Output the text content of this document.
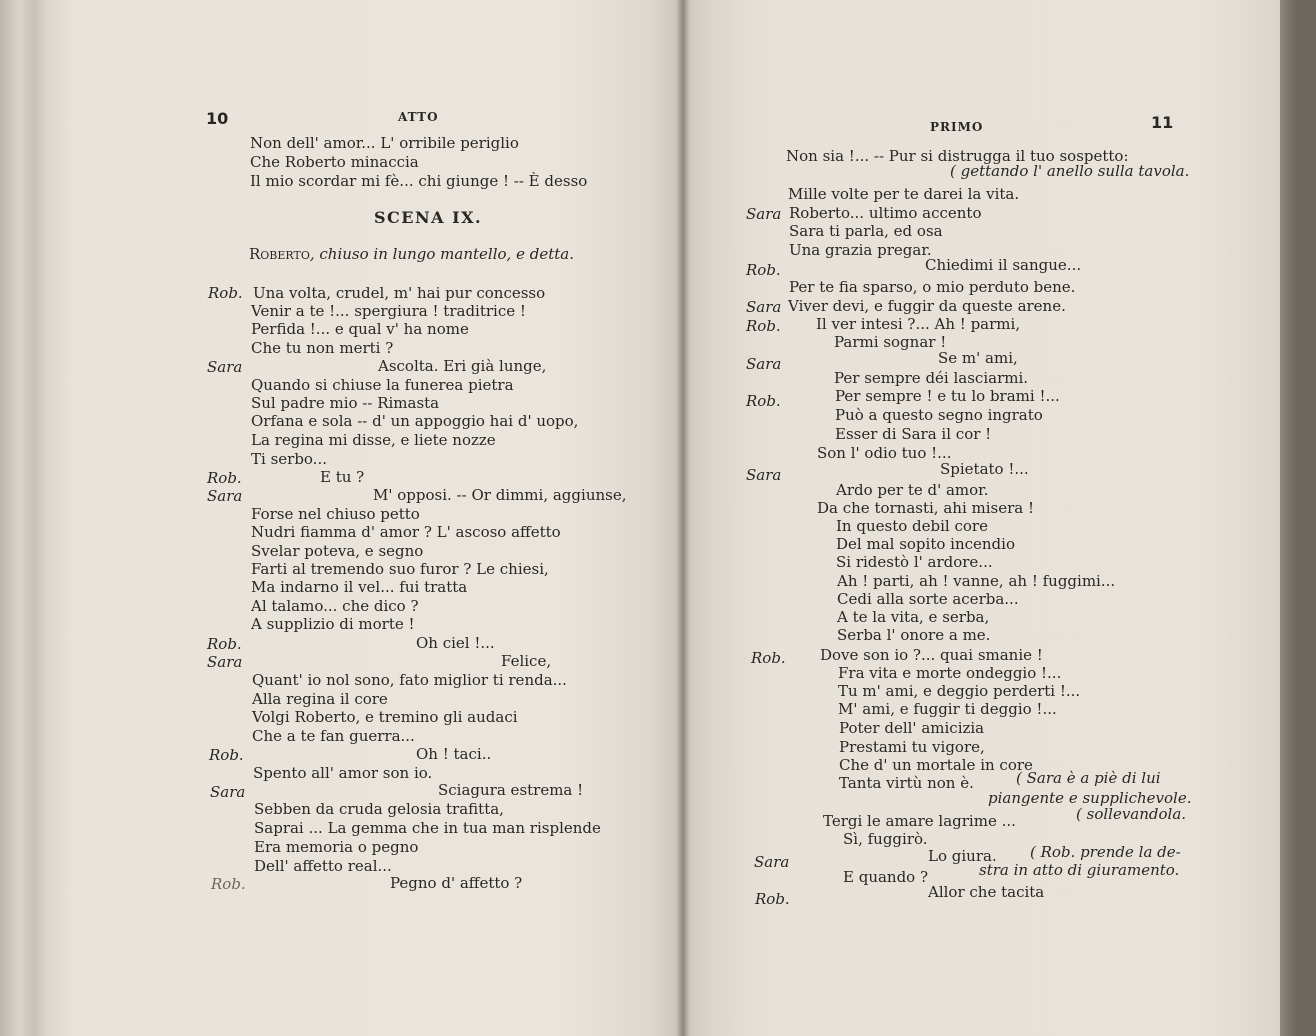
10	ATTO
Non dell' amor... L' orribile periglio
Che Roberto minaccia
Il mio scordar mi fè... chi giunge ! -- È desso
SCENA IX.
Roberto, chiuso in lungo mantello, e detta.
Rob. Una volta, crudel, m' hai pur concesso
Venir a te !... spergiura ! traditrice !
Perfida !... e qual v' ha nome
Che tu non merti ?
Sara	Ascolta. Eri già lunge,
Quando si chiuse la funerea pietra
Sul padre mio -- Rimasta
Orfana e sola -- d' un appoggio hai d' uopo,
La regina mi disse, e liete nozze
Ti serbo...
Rob.	E tu ?
Sara	M' opposi. -- Or dimmi, aggiunse,
Forse nel chiuso petto
Nudri fiamma d' amor ? L' ascoso affetto
Svelar poteva, e segno
Farti al tremendo suo furor ? Le chiesi,
Ma indarno il vel... fui tratta
Al talamo... che dico ?
A supplizio di morte !
Rob.	Oh ciel !...
Sara	Felice,
Quant' io nol sono, fato miglior ti renda...
Alla regina il core
Volgi Roberto, e tremino gli audaci
Che a te fan guerra...
Rob.	Oh ! taci..
Spento all' amor son io.
Sara	Sciagura estrema !
Sebben da cruda gelosia trafitta,
Saprai ... La gemma che in tua man risplende
Era memoria o pegno
Dell' affetto real...
Rob.	Pegno d' affetto ?
PRIMO	11
Non sia !... -- Pur si distrugga il tuo sospetto:
( gettando l' anello sulla tavola.
Mille volte per te darei la vita.
Sara Roberto... ultimo accento
Sara ti parla, ed osa
Una grazia pregar.
Rob.	Chiedimi il sangue...
Per te fia sparso, o mio perduto bene.
Sara Viver devi, e fuggir da queste arene.
Rob. Il ver intesi ?... Ah ! parmi,
Parmi sognar !
Sara	Se m' ami,
Per sempre déi lasciarmi.
Rob.	Per sempre ! e tu lo brami !...
Può a questo segno ingrato
Esser di Sara il cor !
Son l' odio tuo !...
Sara	Spietato !...
Ardo per te d' amor.
Da che tornasti, ahi misera !
In questo debil core
Del mal sopito incendio
Si ridestò l' ardore...
Ah ! parti, ah ! vanne, ah ! fuggimi...
Cedi alla sorte acerba...
A te la vita, e serba,
Serba l' onore a me.
Rob. Dove son io ?... quai smanie !
Fra vita e morte ondeggio !...
Tu m' ami, e deggio perderti !...
M' ami, e fuggir ti deggio !...
Poter dell' amicizia
Prestami tu vigore,
Che d' un mortale in core
Tanta virtù non è.	( Sara è a piè di lui
piangente e supplichevole.
Tergi le amare lagrime ...	( sollevandola.
Sì, fuggirò.
Sara	Lo giura. ( Rob. prende la de-
E quando ?	stra in atto di giuramento.
Rob.	Allor che tacita
